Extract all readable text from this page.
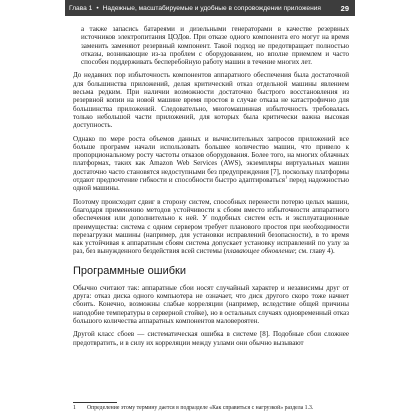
Глава 1 • Надежные, масштабируемые и удобные в сопровождении приложения	29
а также запасись батареями и дизельными генераторами в качестве резервных источников электропитания ЦОДов. При отказе одного компонента его могут на время заменить заменяют резервный компонент. Такой подход не предотвращает полностью отказы, возникающие из-за проблем с оборудованием, но вполне приемлем и часто способен поддерживать бесперебойную работу машин в течение многих лет.

До недавних пор избыточность компонентов аппаратного обеспечения была достаточной для большинства приложений, делая критический отказ отдельной машины явлением весьма редким. При наличии возможности достаточно быстрого восстановления из резервной копии на новой машине время простоя в случае отказа не катастрофично для большинства приложений. Следовательно, многомашинная избыточность требовалась только небольшой части приложений, для которых была критически важна высокая доступность.

Однако по мере роста объемов данных и вычислительных запросов приложений все больше программ начали использовать большее количество машин, что привело к пропорциональному росту частоты отказов оборудования. Более того, на многих облачных платформах, таких как Amazon Web Services (AWS), экземпляры виртуальных машин достаточно часто становятся недоступными без предупреждения [7], поскольку платформы отдают предпочтение гибкости и способности быстро адаптироваться$^1$ перед надежностью одной машины.

Поэтому происходит сдвиг в сторону систем, способных перенести потерю целых машин, благодаря применению методов устойчивости к сбоям вместо избыточности аппаратного обеспечения или дополнительно к ней. У подобных систем есть и эксплуатационные преимущества: система с одним сервером требует планового простоя при необходимости перезагрузки машины (например, для установки исправлений безопасности), в то время как устойчивая к аппаратным сбоям система допускает установку исправлений по узлу за раз, без вынужденного бездействия всей системы (плавающее обновление; см. главу 4).

Программные ошибки

Обычно считают так: аппаратные сбои носят случайный характер и независимы друг от друга: отказ диска одного компьютера не означает, что диск другого скоро тоже начнет сбоить. Конечно, возможны слабые корреляции (например, вследствие общей причины наподобие температуры в серверной стойке), но в остальных случаях одновременный отказ большого количества аппаратных компонентов маловероятен.

Другой класс сбоев — систематическая ошибка в системе [8]. Подобные сбои сложнее предотвратить, и в силу их корреляции между узлами они обычно вызывают

1 Определение этому термину дается в подразделе «Как справиться с нагрузкой» раздела 1.3.
